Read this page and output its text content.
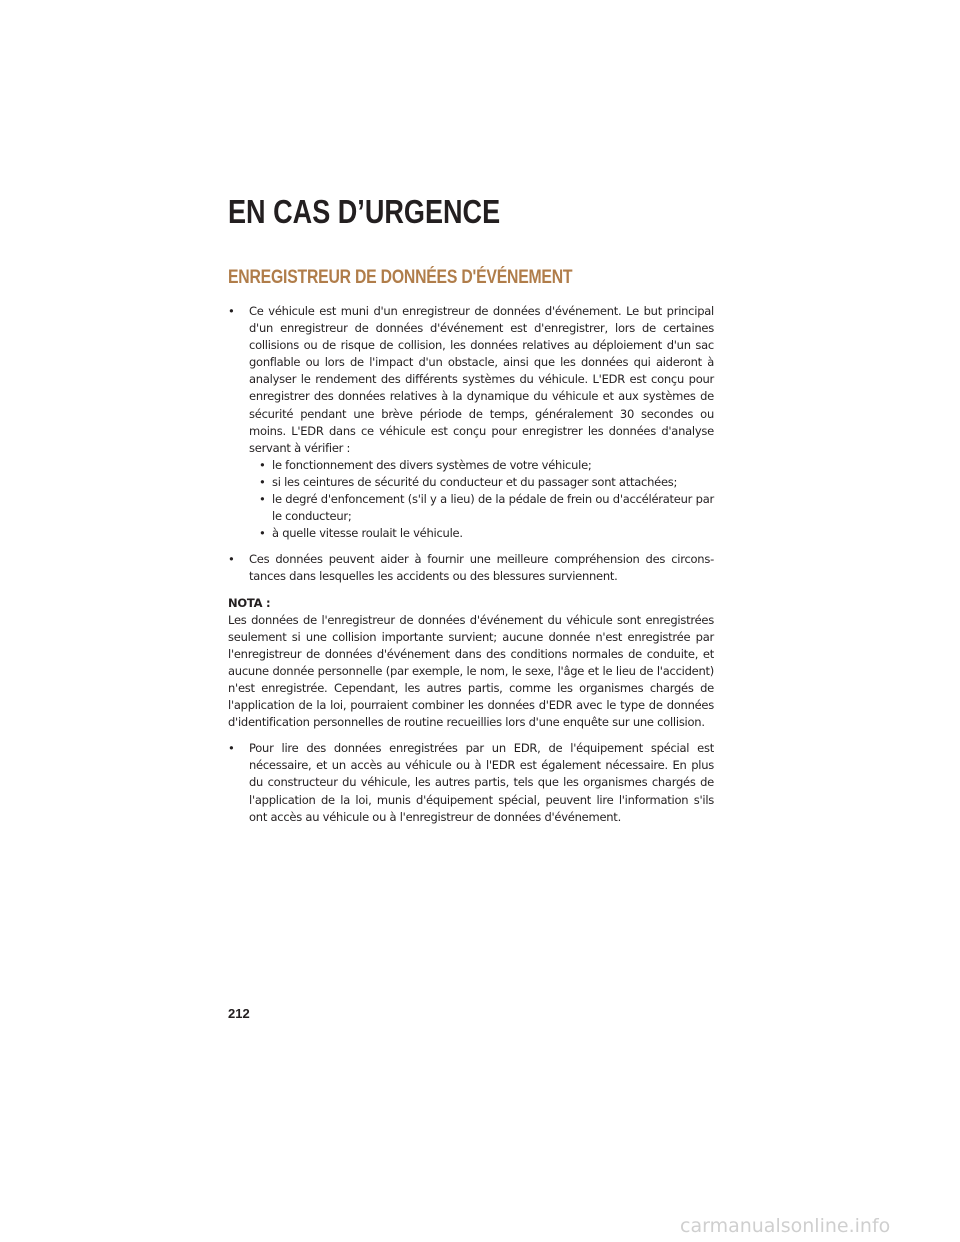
EN CAS D’URGENCE
ENREGISTREUR DE DONNÉES D'ÉVÉNEMENT
• Ce véhicule est muni d'un enregistreur de données d'événement. Le but principal d'un enregistreur de données d'événement est d'enregistrer, lors de certaines collisions ou de risque de collision, les données relatives au déploiement d'un sac gonflable ou lors de l'impact d'un obstacle, ainsi que les données qui aideront à analyser le rendement des différents systèmes du véhicule. L'EDR est conçu pour enregistrer des données relatives à la dynamique du véhicule et aux systèmes de sécurité pendant une brève période de temps, généralement 30 secondes ou moins. L'EDR dans ce véhicule est conçu pour enregistrer les données d'analyse servant à vérifier :
• le fonctionnement des divers systèmes de votre véhicule;
• si les ceintures de sécurité du conducteur et du passager sont attachées;
• le degré d'enfoncement (s'il y a lieu) de la pédale de frein ou d'accélérateur par le conducteur;
• à quelle vitesse roulait le véhicule.
• Ces données peuvent aider à fournir une meilleure compréhension des circons-tances dans lesquelles les accidents ou des blessures surviennent.

NOTA :

Les données de l'enregistreur de données d'événement du véhicule sont enregistrées seulement si une collision importante survient; aucune donnée n'est enregistrée par l'enregistreur de données d'événement dans des conditions normales de conduite, et aucune donnée personnelle (par exemple, le nom, le sexe, l'âge et le lieu de l'accident) n'est enregistrée. Cependant, les autres partis, comme les organismes chargés de l'application de la loi, pourraient combiner les données d'EDR avec le type de données d'identification personnelles de routine recueillies lors d'une enquête sur une collision.

• Pour lire des données enregistrées par un EDR, de l'équipement spécial est nécessaire, et un accès au véhicule ou à l'EDR est également nécessaire. En plus du constructeur du véhicule, les autres partis, tels que les organismes chargés de l'application de la loi, munis d'équipement spécial, peuvent lire l'information s'ils ont accès au véhicule ou à l'enregistreur de données d'événement.

212

carmanualsonline.info
